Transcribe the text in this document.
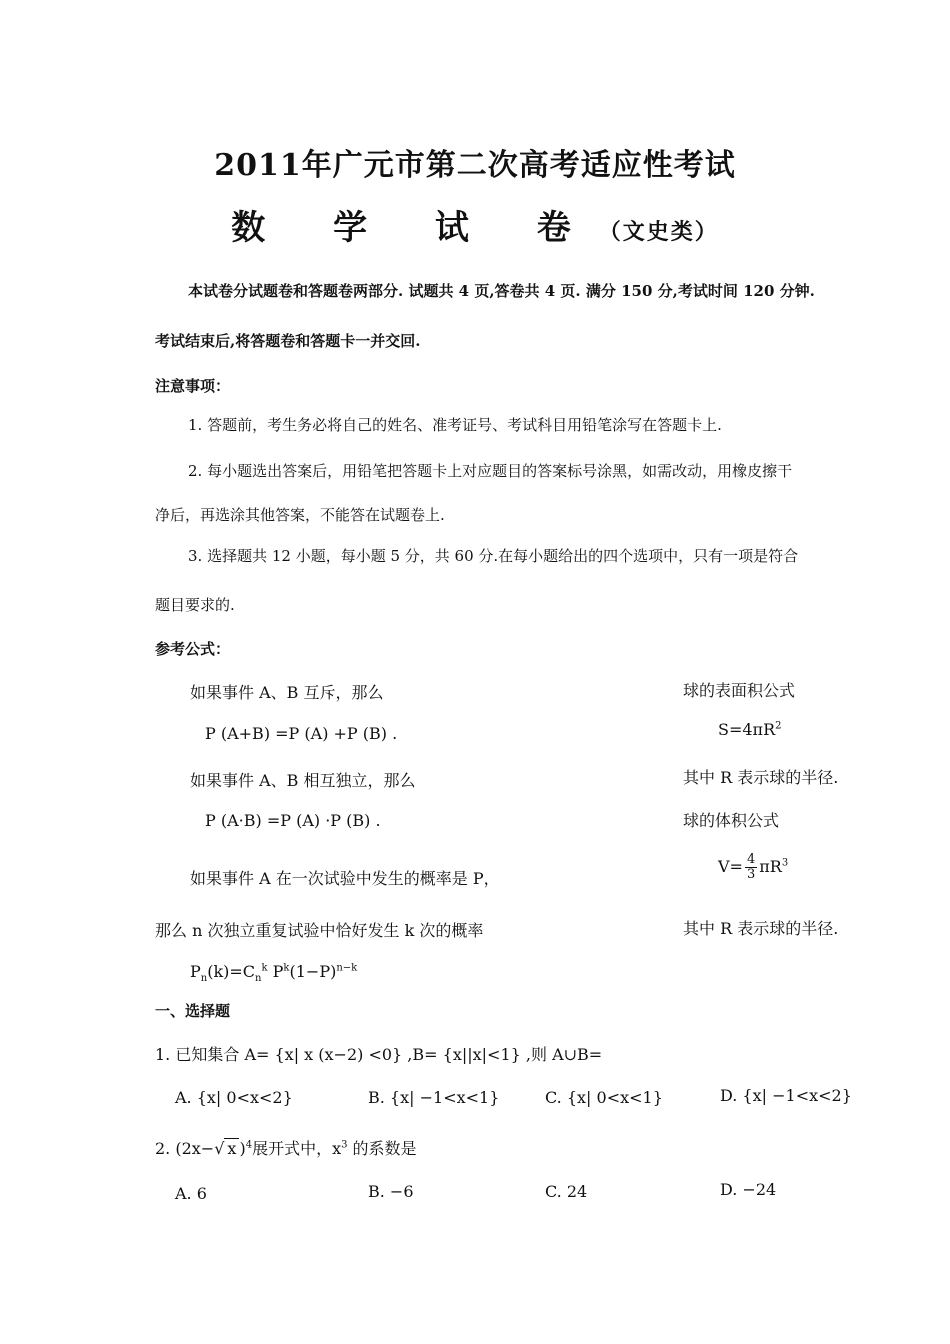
2011年广元市第二次高考适应性考试
数 学 试 卷（文史类）
本试卷分试题卷和答题卷两部分. 试题共 4 页,答卷共 4 页. 满分 150 分,考试时间 120 分钟.
考试结束后,将答题卷和答题卡一并交回.
注意事项：
1. 答题前，考生务必将自己的姓名、准考证号、考试科目用铅笔涂写在答题卡上.
2. 每小题选出答案后，用铅笔把答题卡上对应题目的答案标号涂黑，如需改动，用橡皮擦干
净后，再选涂其他答案，不能答在试题卷上.
3. 选择题共 12 小题，每小题 5 分，共 60 分.在每小题给出的四个选项中，只有一项是符合
题目要求的.
参考公式：
如果事件 A、B 互斥，那么
P (A+B) =P (A) +P (B) .
如果事件 A、B 相互独立，那么
P (A·B) =P (A) ·P (B) .
如果事件 A 在一次试验中发生的概率是 P，
那么 n 次独立重复试验中恰好发生 k 次的概率
$P_n(k)=C_n^k$ $P^k(1-P)^{n-k}$
球的表面积公式
$S=4\pi R^2$
其中 R 表示球的半径.
球的体积公式
$V= \frac{4}{3} \pi R^3$
其中 R 表示球的半径.
一、选择题
1. 已知集合 A= {x| x (x−2) <0} ,B= {x||x|<1} ,则 A∪B=
A. {x| 0<x<2}	B. {x| −1<x<1}	C. {x| 0<x<1}	D. {x| −1<x<2}
2. (2x−√ x )$^4$展开式中，$x^3$ 的系数是
A. 6	B. −6	C. 24	D. −24
